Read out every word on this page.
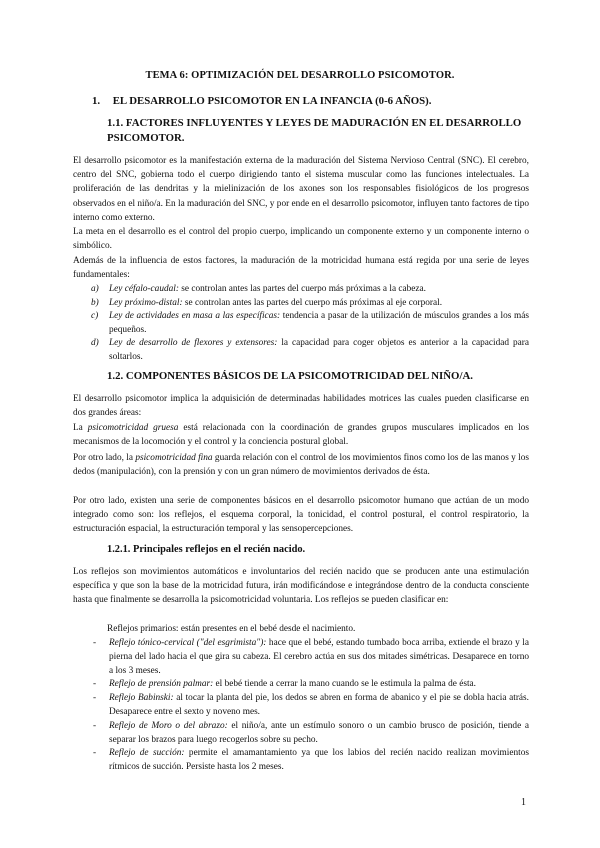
TEMA 6: OPTIMIZACIÓN DEL DESARROLLO PSICOMOTOR.
1. EL DESARROLLO PSICOMOTOR EN LA INFANCIA (0-6 AÑOS).
1.1. FACTORES INFLUYENTES Y LEYES DE MADURACIÓN EN EL DESARROLLO PSICOMOTOR.

El desarrollo psicomotor es la manifestación externa de la maduración del Sistema Nervioso Central (SNC). El cerebro, centro del SNC, gobierna todo el cuerpo dirigiendo tanto el sistema muscular como las funciones intelectuales. La proliferación de las dendritas y la mielinización de los axones son los responsables fisiológicos de los progresos observados en el niño/a. En la maduración del SNC, y por ende en el desarrollo psicomotor, influyen tanto factores de tipo interno como externo.

La meta en el desarrollo es el control del propio cuerpo, implicando un componente externo y un componente interno o simbólico.

Además de la influencia de estos factores, la maduración de la motricidad humana está regida por una serie de leyes fundamentales:

a) Ley céfalo-caudal: se controlan antes las partes del cuerpo más próximas a la cabeza.
b) Ley próximo-distal: se controlan antes las partes del cuerpo más próximas al eje corporal.
c) Ley de actividades en masa a las específicas: tendencia a pasar de la utilización de músculos grandes a los más pequeños.
d) Ley de desarrollo de flexores y extensores: la capacidad para coger objetos es anterior a la capacidad para soltarlos.
1.2. COMPONENTES BÁSICOS DE LA PSICOMOTRICIDAD DEL NIÑO/A.

El desarrollo psicomotor implica la adquisición de determinadas habilidades motrices las cuales pueden clasificarse en dos grandes áreas:

La psicomotricidad gruesa está relacionada con la coordinación de grandes grupos musculares implicados en los mecanismos de la locomoción y el control y la conciencia postural global.

Por otro lado, la psicomotricidad fina guarda relación con el control de los movimientos finos como los de las manos y los dedos (manipulación), con la prensión y con un gran número de movimientos derivados de ésta.

Por otro lado, existen una serie de componentes básicos en el desarrollo psicomotor humano que actúan de un modo integrado como son: los reflejos, el esquema corporal, la tonicidad, el control postural, el control respiratorio, la estructuración espacial, la estructuración temporal y las sensopercepciones.

1.2.1. Principales reflejos en el recién nacido.

Los reflejos son movimientos automáticos e involuntarios del recién nacido que se producen ante una estimulación específica y que son la base de la motricidad futura, irán modificándose e integrándose dentro de la conducta consciente hasta que finalmente se desarrolla la psicomotricidad voluntaria. Los reflejos se pueden clasificar en:

Reflejos primarios: están presentes en el bebé desde el nacimiento.
- Reflejo tónico-cervical ("del esgrimista"): hace que el bebé, estando tumbado boca arriba, extiende el brazo y la pierna del lado hacia el que gira su cabeza. El cerebro actúa en sus dos mitades simétricas. Desaparece en torno a los 3 meses.
- Reflejo de prensión palmar: el bebé tiende a cerrar la mano cuando se le estimula la palma de ésta.
- Reflejo Babinski: al tocar la planta del pie, los dedos se abren en forma de abanico y el pie se dobla hacia atrás. Desaparece entre el sexto y noveno mes.
- Reflejo de Moro o del abrazo: el niño/a, ante un estímulo sonoro o un cambio brusco de posición, tiende a separar los brazos para luego recogerlos sobre su pecho.
- Reflejo de succión: permite el amamantamiento ya que los labios del recién nacido realizan movimientos rítmicos de succión. Persiste hasta los 2 meses.
1
